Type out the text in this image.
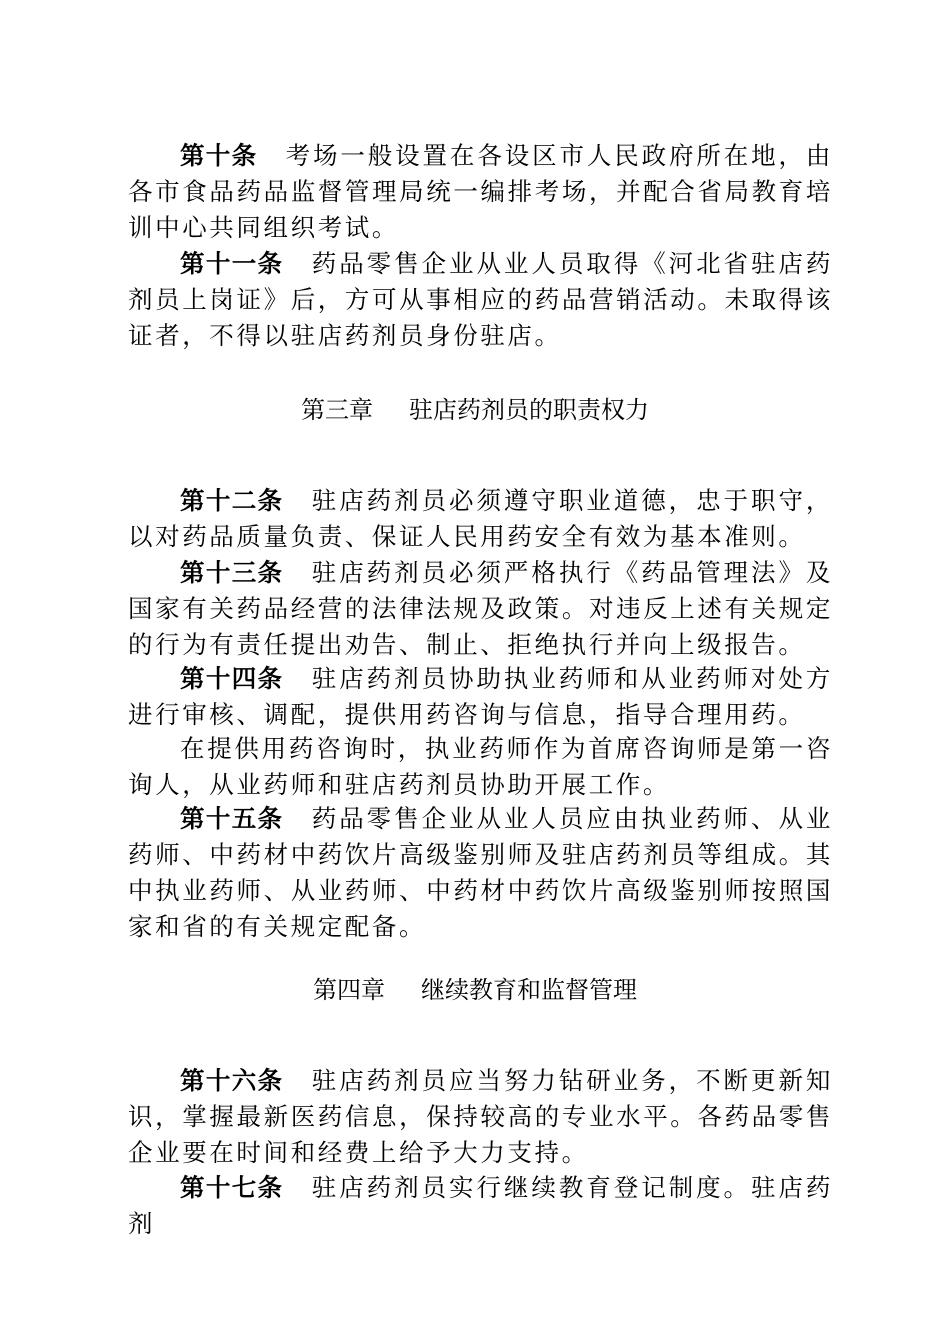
第十条 考场一般设置在各设区市人民政府所在地，由各市食品药品监督管理局统一编排考场，并配合省局教育培训中心共同组织考试。

第十一条 药品零售企业从业人员取得《河北省驻店药剂员上岗证》后，方可从事相应的药品营销活动。未取得该证者，不得以驻店药剂员身份驻店。

第三章 驻店药剂员的职责权力

第十二条 驻店药剂员必须遵守职业道德，忠于职守，以对药品质量负责、保证人民用药安全有效为基本准则。

第十三条 驻店药剂员必须严格执行《药品管理法》及国家有关药品经营的法律法规及政策。对违反上述有关规定的行为有责任提出劝告、制止、拒绝执行并向上级报告。

第十四条 驻店药剂员协助执业药师和从业药师对处方进行审核、调配，提供用药咨询与信息，指导合理用药。

在提供用药咨询时，执业药师作为首席咨询师是第一咨询人，从业药师和驻店药剂员协助开展工作。

第十五条 药品零售企业从业人员应由执业药师、从业药师、中药材中药饮片高级鉴别师及驻店药剂员等组成。其中执业药师、从业药师、中药材中药饮片高级鉴别师按照国家和省的有关规定配备。

第四章 继续教育和监督管理

第十六条 驻店药剂员应当努力钻研业务，不断更新知识，掌握最新医药信息，保持较高的专业水平。各药品零售企业要在时间和经费上给予大力支持。

第十七条 驻店药剂员实行继续教育登记制度。驻店药剂
